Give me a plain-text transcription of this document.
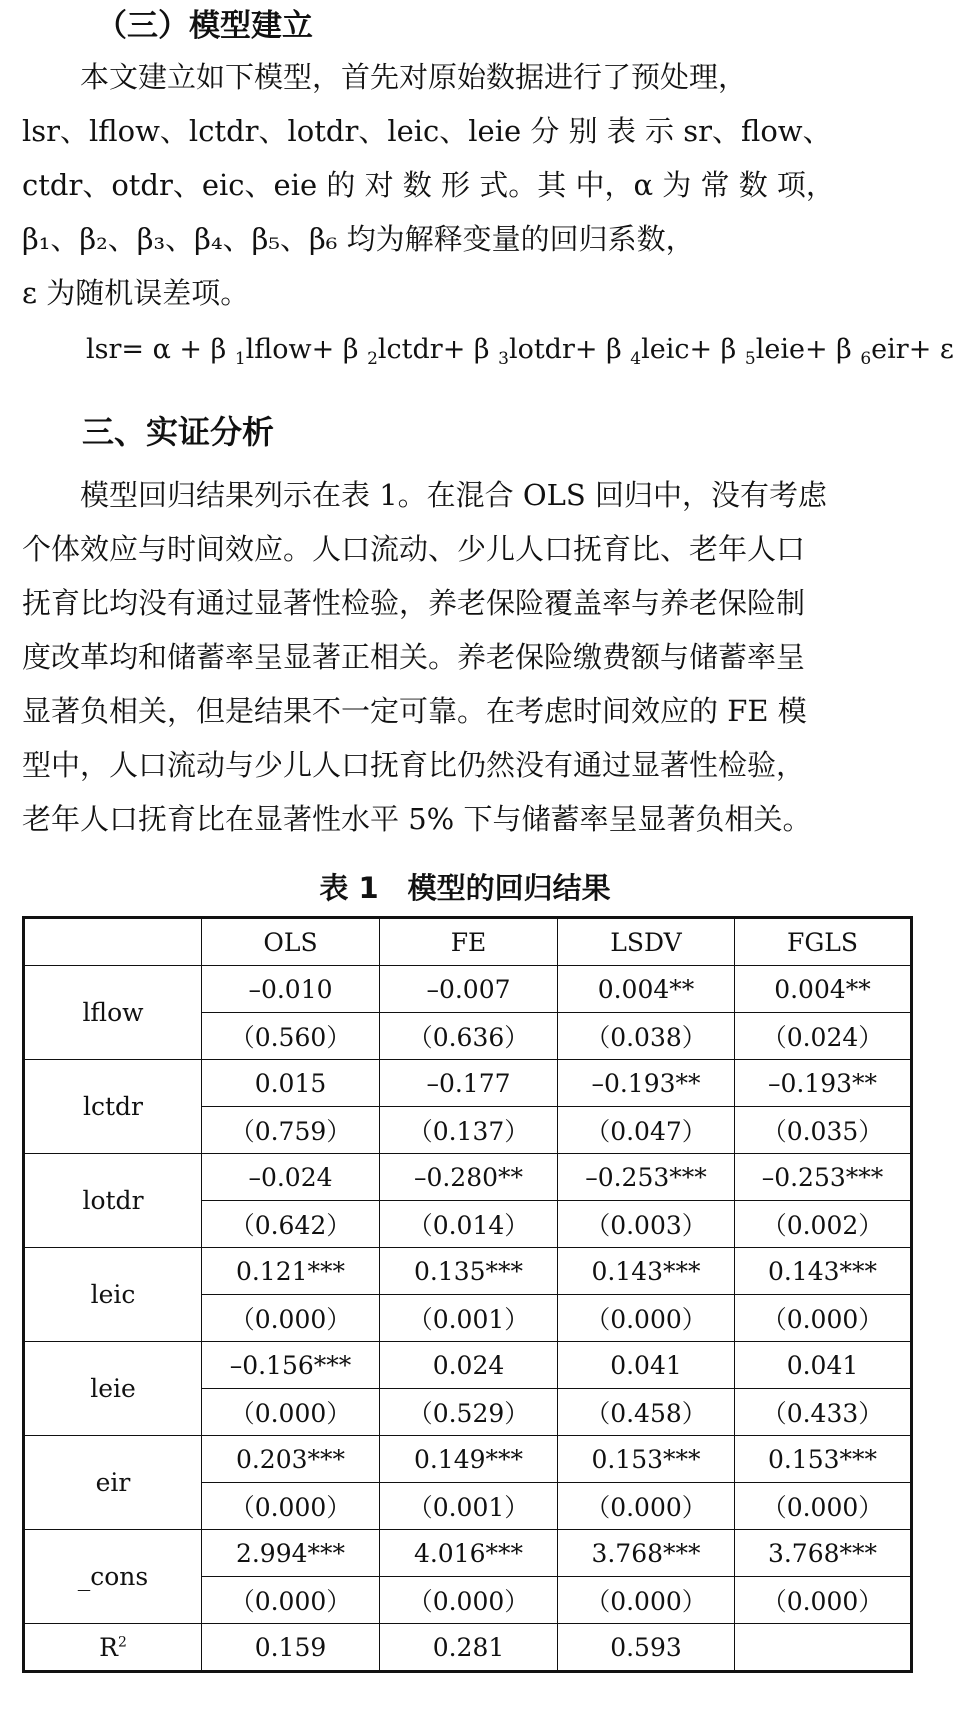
（三）模型建立
本文建立如下模型，首先对原始数据进行了预处理，
lsr、lflow、lctdr、lotdr、leic、leie 分 别 表 示 sr、flow、
ctdr、otdr、eic、eie 的 对 数 形 式。其 中，α 为 常 数 项，
β₁、β₂、β₃、β₄、β₅、β₆ 均为解释变量的回归系数，
ε 为随机误差项。
lsr= α + β $_1$lflow+ β $_2$lctdr+ β $_3$lotdr+ β $_4$leic+ β $_5$leie+ β $_6$eir+ ε
三、实证分析
模型回归结果列示在表 1。在混合 OLS 回归中，没有考虑
个体效应与时间效应。人口流动、少儿人口抚育比、老年人口
抚育比均没有通过显著性检验，养老保险覆盖率与养老保险制
度改革均和储蓄率呈显著正相关。养老保险缴费额与储蓄率呈
显著负相关，但是结果不一定可靠。在考虑时间效应的 FE 模
型中，人口流动与少儿人口抚育比仍然没有通过显著性检验，
老年人口抚育比在显著性水平 5% 下与储蓄率呈显著负相关。
表 1　模型的回归结果
	OLS	FE	LSDV	FGLS
lflow	–0.010	–0.007	0.004**	0.004**
	（0.560）	（0.636）	（0.038）	（0.024）
lctdr	0.015	–0.177	–0.193**	–0.193**
	（0.759）	（0.137）	（0.047）	（0.035）
lotdr	–0.024	–0.280**	–0.253***	–0.253***
	（0.642）	（0.014）	（0.003）	（0.002）
leic	0.121***	0.135***	0.143***	0.143***
	（0.000）	（0.001）	（0.000）	（0.000）
leie	–0.156***	0.024	0.041	0.041
	（0.000）	（0.529）	（0.458）	（0.433）
eir	0.203***	0.149***	0.153***	0.153***
	（0.000）	（0.001）	（0.000）	（0.000）
_cons	2.994***	4.016***	3.768***	3.768***
	（0.000）	（0.000）	（0.000）	（0.000）
$R^2$	0.159	0.281	0.593	
